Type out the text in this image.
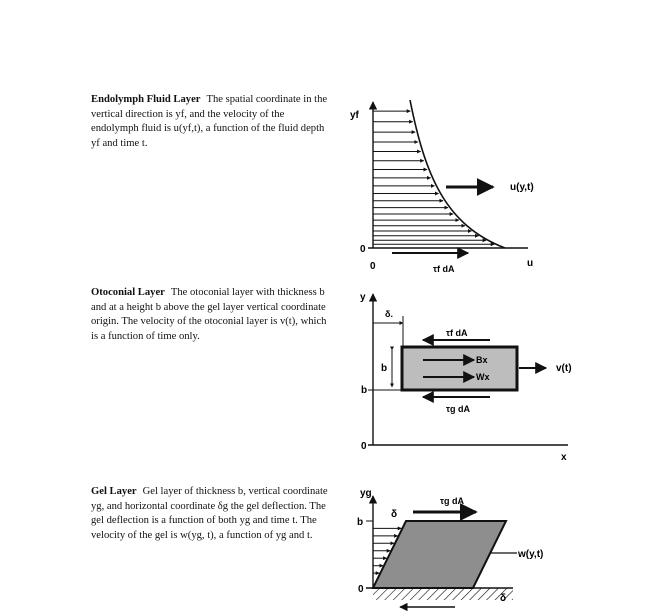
Endolymph Fluid Layer The spatial coordinate in the vertical direction is yf, and the velocity of the endolymph fluid is u(yf,t), a function of the fluid depth yf and time t.
Otoconial Layer The otoconial layer with thickness b and at a height b above the gel layer vertical coordinate origin. The velocity of the otoconial layer is v(t), which is a function of time only.
Gel Layer Gel layer of thickness b, vertical coordinate yg, and horizontal coordinate δg the gel deflection. The gel deflection is a function of both yg and time t. The velocity of the gel is w(yg, t), a function of yg and t.
yf
0
0	u
u(y,t)
τf dA
y
δ.
τf dA
Bx
Wx
v(t)
b
b
0
τg dA
x
yg
δ
τg dA
w(y,t)
b
0
δ
